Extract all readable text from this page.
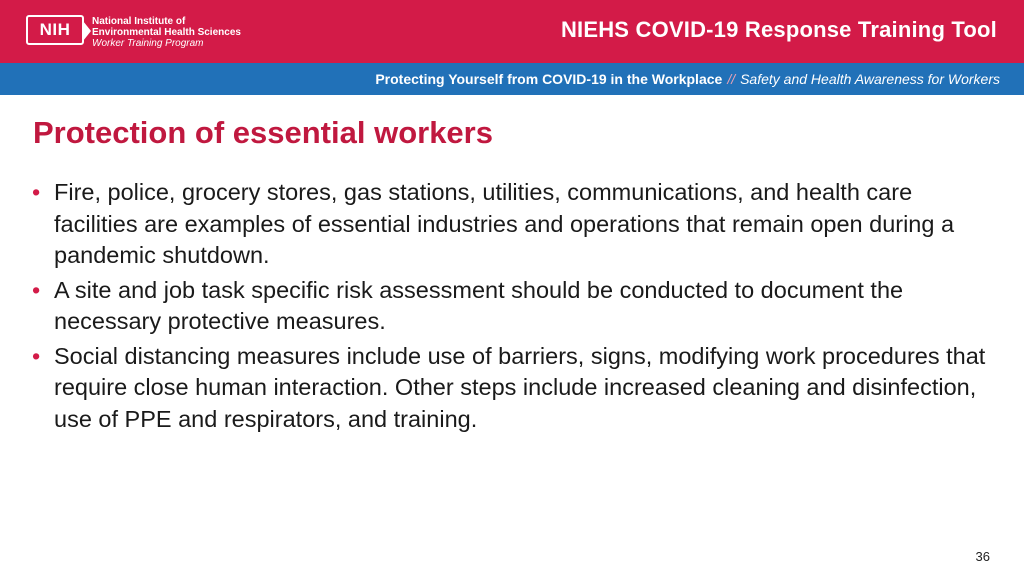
NIH National Institute of
Environmental Health Sciences
Worker Training Program
NIEHS COVID-19 Response Training Tool
Protecting Yourself from COVID-19 in the Workplace // Safety and Health Awareness for Workers
Protection of essential workers
• Fire, police, grocery stores, gas stations, utilities, communications, and health care facilities are examples of essential industries and operations that remain open during a pandemic shutdown.
• A site and job task specific risk assessment should be conducted to document the necessary protective measures.
• Social distancing measures include use of barriers, signs, modifying work procedures that require close human interaction. Other steps include increased cleaning and disinfection, use of PPE and respirators, and training.
36
